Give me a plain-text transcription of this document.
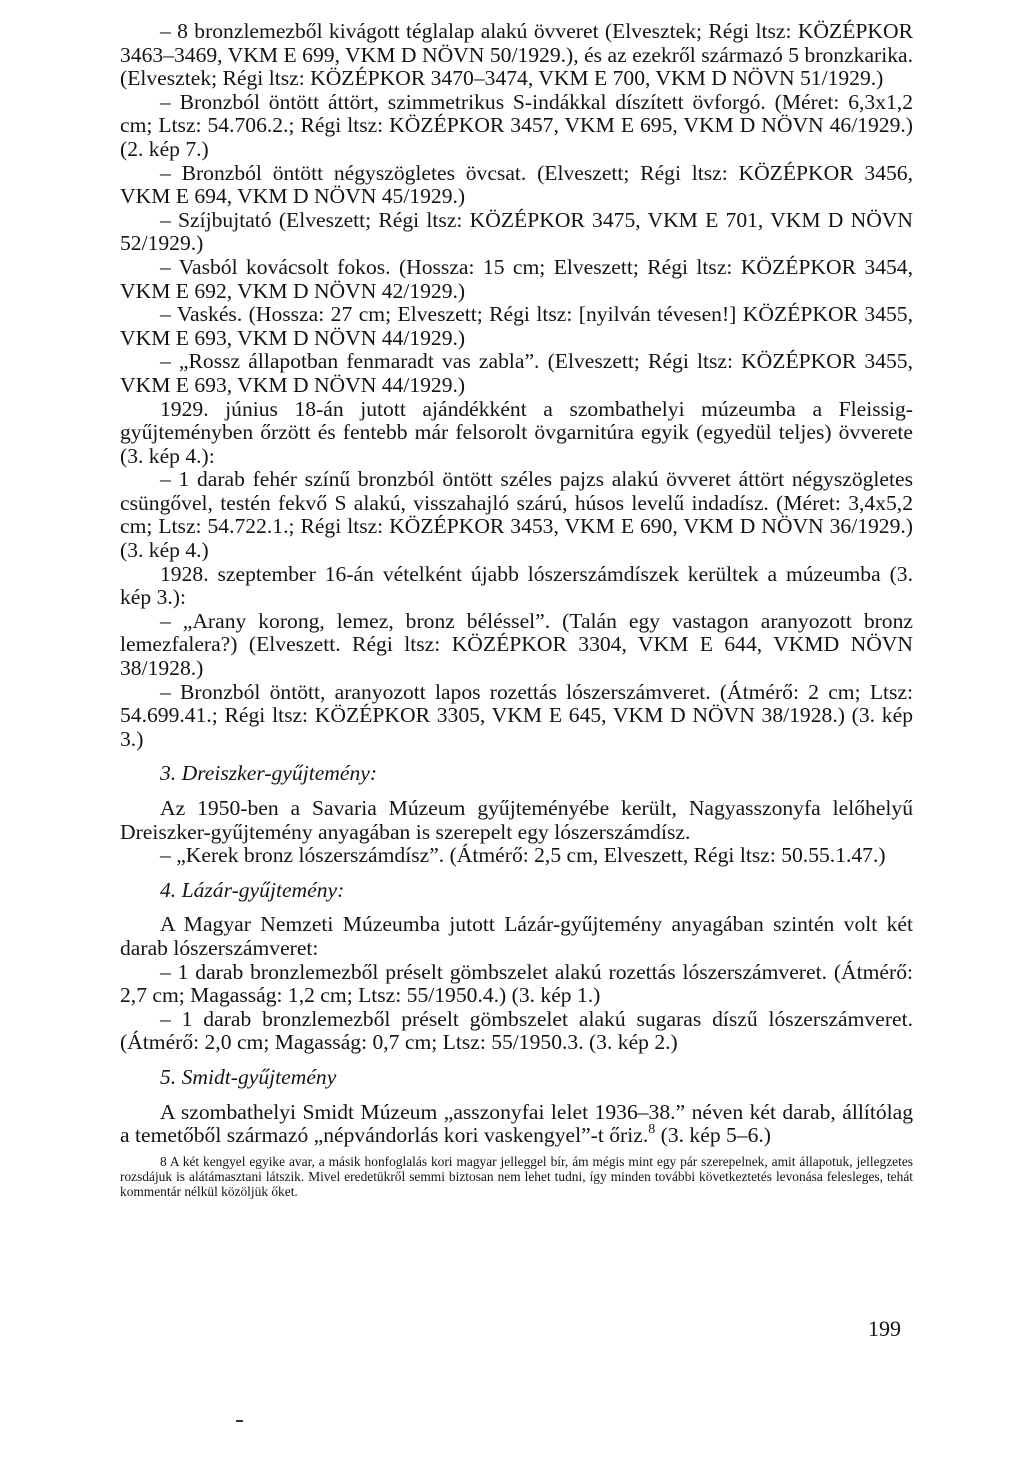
– 8 bronzlemezből kivágott téglalap alakú övveret (Elvesztek; Régi ltsz: KÖZÉPKOR 3463–3469, VKM E 699, VKM D NÖVN 50/1929.), és az ezekről származó 5 bronzkarika. (Elvesztek; Régi ltsz: KÖZÉPKOR 3470–3474, VKM E 700, VKM D NÖVN 51/1929.)

– Bronzból öntött áttört, szimmetrikus S-indákkal díszített övforgó. (Méret: 6,3x1,2 cm; Ltsz: 54.706.2.; Régi ltsz: KÖZÉPKOR 3457, VKM E 695, VKM D NÖVN 46/1929.) (2. kép 7.)

– Bronzból öntött négyszögletes övcsat. (Elveszett; Régi ltsz: KÖZÉPKOR 3456, VKM E 694, VKM D NÖVN 45/1929.)

– Szíjbujtató (Elveszett; Régi ltsz: KÖZÉPKOR 3475, VKM E 701, VKM D NÖVN 52/1929.)

– Vasból kovácsolt fokos. (Hossza: 15 cm; Elveszett; Régi ltsz: KÖZÉPKOR 3454, VKM E 692, VKM D NÖVN 42/1929.)

– Vaskés. (Hossza: 27 cm; Elveszett; Régi ltsz: [nyilván tévesen!] KÖZÉPKOR 3455, VKM E 693, VKM D NÖVN 44/1929.)

– „Rossz állapotban fenmaradt vas zabla”. (Elveszett; Régi ltsz: KÖZÉPKOR 3455, VKM E 693, VKM D NÖVN 44/1929.)

1929. június 18-án jutott ajándékként a szombathelyi múzeumba a Fleissig-gyűjteményben őrzött és fentebb már felsorolt övgarnitúra egyik (egyedül teljes) övverete (3. kép 4.):

– 1 darab fehér színű bronzból öntött széles pajzs alakú övveret áttört négyszögletes csüngővel, testén fekvő S alakú, visszahajló szárú, húsos levelű indadísz. (Méret: 3,4x5,2 cm; Ltsz: 54.722.1.; Régi ltsz: KÖZÉPKOR 3453, VKM E 690, VKM D NÖVN 36/1929.) (3. kép 4.)

1928. szeptember 16-án vételként újabb lószerszámdíszek kerültek a múzeumba (3. kép 3.):

– „Arany korong, lemez, bronz béléssel”. (Talán egy vastagon aranyozott bronz lemezfalera?) (Elveszett. Régi ltsz: KÖZÉPKOR 3304, VKM E 644, VKMD NÖVN 38/1928.)

– Bronzból öntött, aranyozott lapos rozettás lószerszámveret. (Átmérő: 2 cm; Ltsz: 54.699.41.; Régi ltsz: KÖZÉPKOR 3305, VKM E 645, VKM D NÖVN 38/1928.) (3. kép 3.)

3. Dreiszker-gyűjtemény:

Az 1950-ben a Savaria Múzeum gyűjteményébe került, Nagyasszonyfa lelőhelyű Dreiszker-gyűjtemény anyagában is szerepelt egy lószerszámdísz.

– „Kerek bronz lószerszámdísz”. (Átmérő: 2,5 cm, Elveszett, Régi ltsz: 50.55.1.47.)

4. Lázár-gyűjtemény:

A Magyar Nemzeti Múzeumba jutott Lázár-gyűjtemény anyagában szintén volt két darab lószerszámveret:

– 1 darab bronzlemezből préselt gömbszelet alakú rozettás lószerszámveret. (Átmérő: 2,7 cm; Magasság: 1,2 cm; Ltsz: 55/1950.4.) (3. kép 1.)

– 1 darab bronzlemezből préselt gömbszelet alakú sugaras díszű lószerszámveret. (Átmérő: 2,0 cm; Magasság: 0,7 cm; Ltsz: 55/1950.3. (3. kép 2.)

5. Smidt-gyűjtemény

A szombathelyi Smidt Múzeum „asszonyfai lelet 1936–38.” néven két darab, állítólag a temetőből származó „népvándorlás kori vaskengyel”-t őriz.$^8$ (3. kép 5–6.)

8 A két kengyel egyike avar, a másik honfoglalás kori magyar jelleggel bír, ám mégis mint egy pár szerepelnek, amit állapotuk, jellegzetes rozsdájuk is alátámasztani látszik. Mivel eredetükről semmi biztosan nem lehet tudni, így minden további következtetés levonása felesleges, tehát kommentár nélkül közöljük őket.
199
